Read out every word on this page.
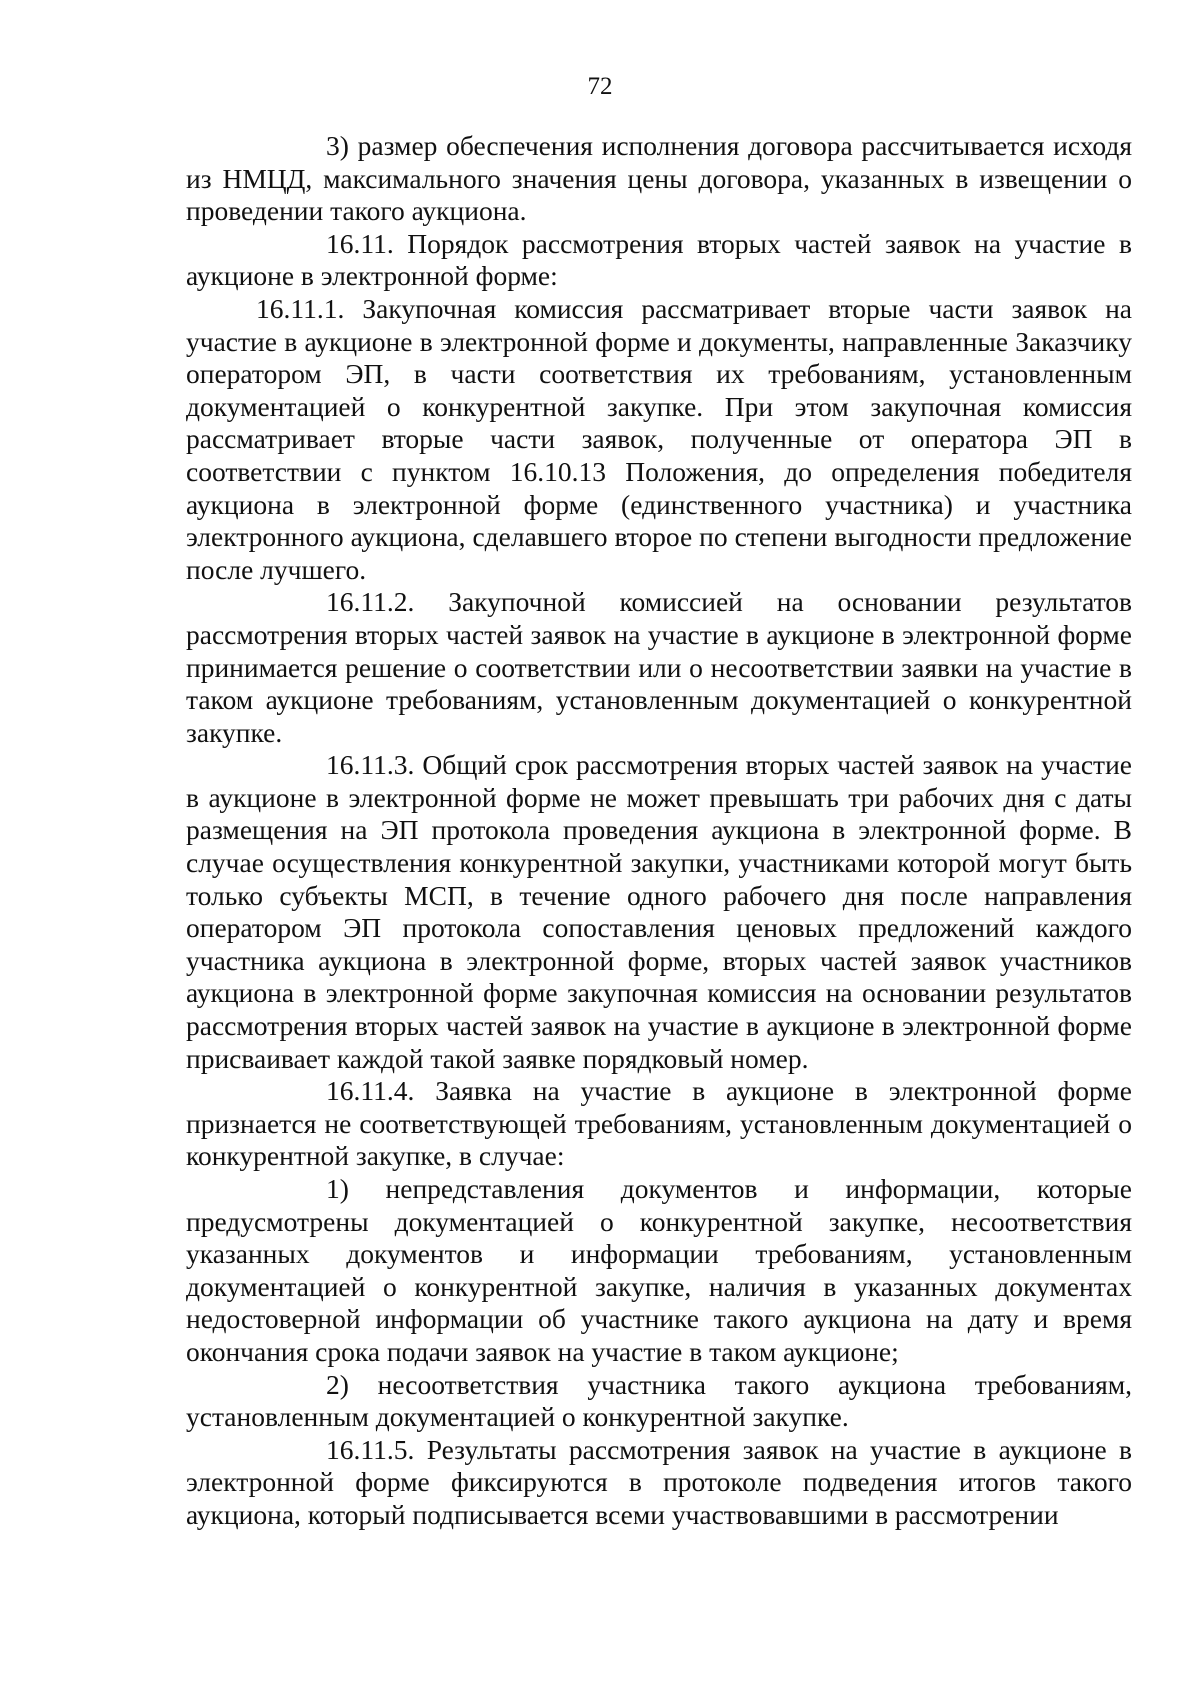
72

3) размер обеспечения исполнения договора рассчитывается исходя из НМЦД, максимального значения цены договора, указанных в извещении о проведении такого аукциона.

16.11. Порядок рассмотрения вторых частей заявок на участие в аукционе в электронной форме:

16.11.1. Закупочная комиссия рассматривает вторые части заявок на участие в аукционе в электронной форме и документы, направленные Заказчику оператором ЭП, в части соответствия их требованиям, установленным документацией о конкурентной закупке. При этом закупочная комиссия рассматривает вторые части заявок, полученные от оператора ЭП в соответствии с пунктом 16.10.13 Положения, до определения победителя аукциона в электронной форме (единственного участника) и участника электронного аукциона, сделавшего второе по степени выгодности предложение после лучшего.

16.11.2. Закупочной комиссией на основании результатов рассмотрения вторых частей заявок на участие в аукционе в электронной форме принимается решение о соответствии или о несоответствии заявки на участие в таком аукционе требованиям, установленным документацией о конкурентной закупке.

16.11.3. Общий срок рассмотрения вторых частей заявок на участие в аукционе в электронной форме не может превышать три рабочих дня с даты размещения на ЭП протокола проведения аукциона в электронной форме. В случае осуществления конкурентной закупки, участниками которой могут быть только субъекты МСП, в течение одного рабочего дня после направления оператором ЭП протокола сопоставления ценовых предложений каждого участника аукциона в электронной форме, вторых частей заявок участников аукциона в электронной форме закупочная комиссия на основании результатов рассмотрения вторых частей заявок на участие в аукционе в электронной форме присваивает каждой такой заявке порядковый номер.

16.11.4. Заявка на участие в аукционе в электронной форме признается не соответствующей требованиям, установленным документацией о конкурентной закупке, в случае:

1) непредставления документов и информации, которые предусмотрены документацией о конкурентной закупке, несоответствия указанных документов и информации требованиям, установленным документацией о конкурентной закупке, наличия в указанных документах недостоверной информации об участнике такого аукциона на дату и время окончания срока подачи заявок на участие в таком аукционе;

2) несоответствия участника такого аукциона требованиям, установленным документацией о конкурентной закупке.

16.11.5. Результаты рассмотрения заявок на участие в аукционе в электронной форме фиксируются в протоколе подведения итогов такого аукциона, который подписывается всеми участвовавшими в рассмотрении
